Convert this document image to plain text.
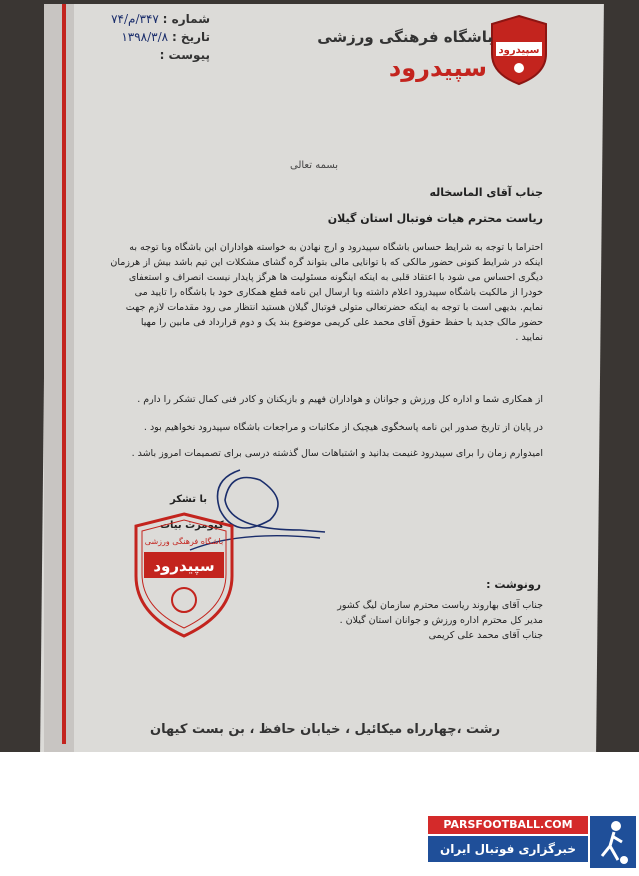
سپیدرود
باشگاه فرهنگی ورزشی
سپیدرود
شماره : ۳۴۷/م/۷۴
تاریخ : ۱۳۹۸/۳/۸
پیوست :
بسمه تعالی
جناب آقای الماسخاله
ریاست محترم هیات فوتبال استان گیلان
احتراما با توجه به شرایط حساس باشگاه سپیدرود و ارج نهادن به خواسته هواداران این باشگاه وبا توجه به
اینکه در شرایط کنونی حضور مالکی که با توانایی مالی بتواند گره گشای مشکلات این تیم باشد بیش از هرزمان
دیگری احساس می شود با اعتقاد قلبی به اینکه اینگونه مسئولیت ها هرگز پایدار نیست انصراف و استعفای
خودرا از مالکیت باشگاه سپیدرود اعلام داشته وبا ارسال این نامه قطع همکاری خود با باشگاه را تایید می
نمایم. بدیهی است با توجه به اینکه حضرتعالی متولی فوتبال گیلان هستید انتظار می رود مقدمات لازم جهت
حضور مالک جدید با حفظ حقوق آقای محمد علی کریمی موضوع بند یک و دوم قرارداد فی مابین را مهیا
نمایید .
از همکاری شما و اداره کل ورزش و جوانان و هواداران فهیم و بازیکنان و کادر فنی کمال تشکر را دارم .
در پایان از تاریخ صدور این نامه پاسخگوی هیچیک از مکاتبات و مراجعات باشگاه سپیدرود نخواهیم بود .
امیدوارم زمان را برای سپیدرود غنیمت بدانید و اشتباهات سال گذشته درسی برای تصمیمات امروز باشد .
با تشکر
کیومرث بیات
باشگاه فرهنگی ورزشی
سپیدرود
رونوشت :
جناب آقای بهاروند ریاست محترم سازمان لیگ کشور
مدیر کل محترم اداره ورزش و جوانان استان گیلان .
جناب آقای محمد علی کریمی
رشت ،چهارراه میکائیل ، خیابان حافظ ، بن بست کیهان
PARSFOOTBALL.COM
خبرگزاری فوتبال ایران
